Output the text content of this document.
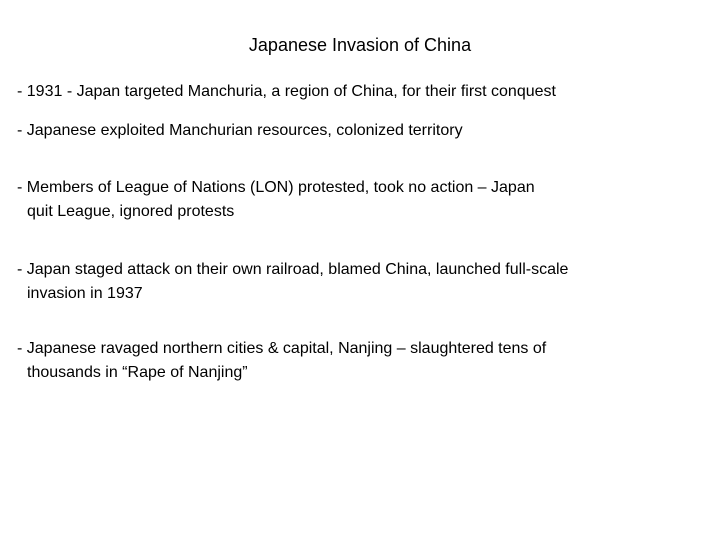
Japanese Invasion of China

- 1931 - Japan targeted Manchuria, a region of China, for their first conquest

- Japanese exploited Manchurian resources, colonized territory

- Members of League of Nations (LON) protested, took no action – Japan
quit League, ignored protests

- Japan staged attack on their own railroad, blamed China, launched full-scale
invasion in 1937

- Japanese ravaged northern cities & capital, Nanjing – slaughtered tens of
thousands in “Rape of Nanjing”
